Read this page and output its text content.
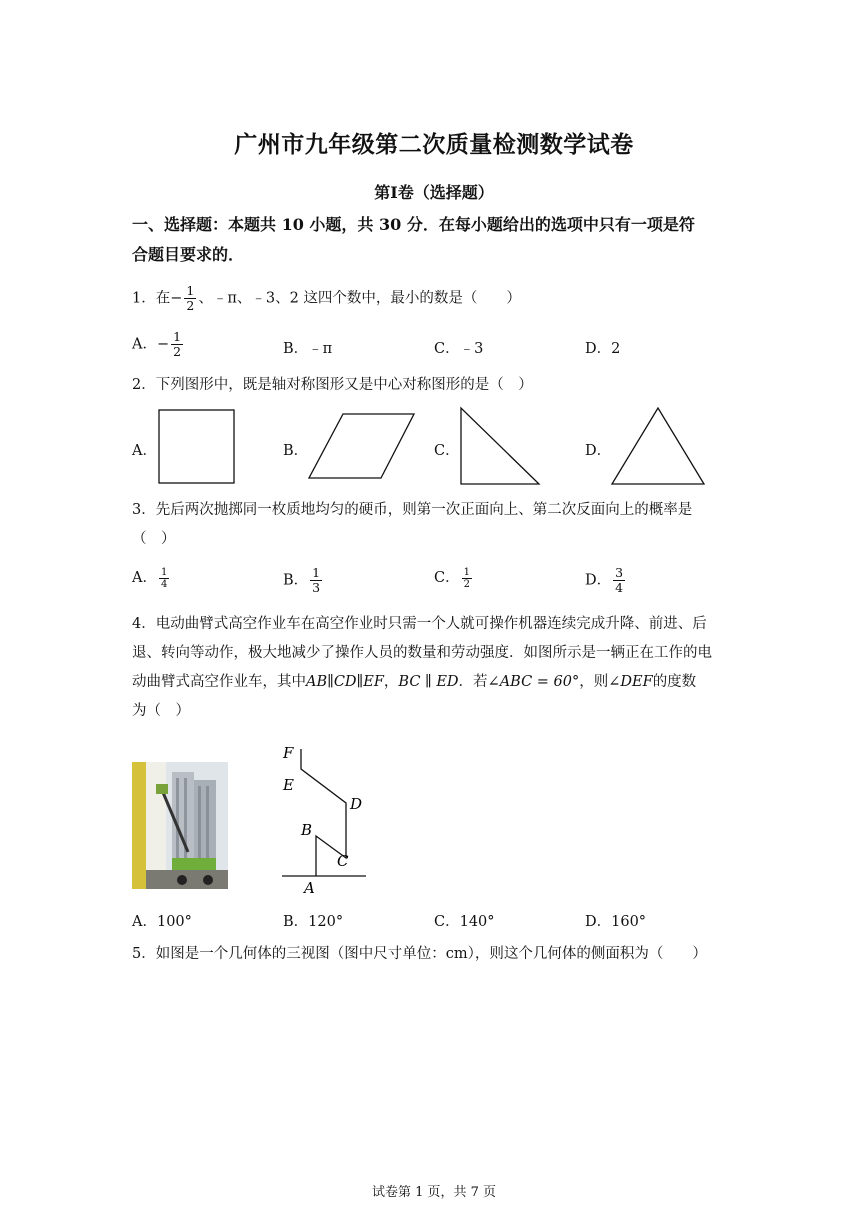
广州市九年级第二次质量检测数学试卷
第I卷（选择题）
一、选择题：本题共 10 小题，共 30 分．在每小题给出的选项中只有一项是符
合题目要求的．
1．在− $\frac{1}{2}$ 、﹣π、﹣3、2 这四个数中，最小的数是（　　）
A．− $\frac{1}{2}$	B．﹣π	C．﹣3	D．2
2．下列图形中，既是轴对称图形又是中心对称图形的是（　）
A．	B．	C．	D．
3．先后两次抛掷同一枚质地均匀的硬币，则第一次正面向上、第二次反面向上的概率是
（　）
A． $\frac{1}{4}$	B． $\frac{1}{3}$	C． $\frac{1}{2}$	D． $\frac{3}{4}$
4．电动曲臂式高空作业车在高空作业时只需一个人就可操作机器连续完成升降、前进、后
退、转向等动作，极大地减少了操作人员的数量和劳动强度．如图所示是一辆正在工作的电
动曲臂式高空作业车，其中AB∥CD∥EF，BC ∥ ED．若∠ABC = 60°，则∠DEF的度数
为（　）
F
E
D
B
C
A
A．100°	B．120°	C．140°	D．160°
5．如图是一个几何体的三视图（图中尺寸单位：cm），则这个几何体的侧面积为（　　）
试卷第 1 页，共 7 页
